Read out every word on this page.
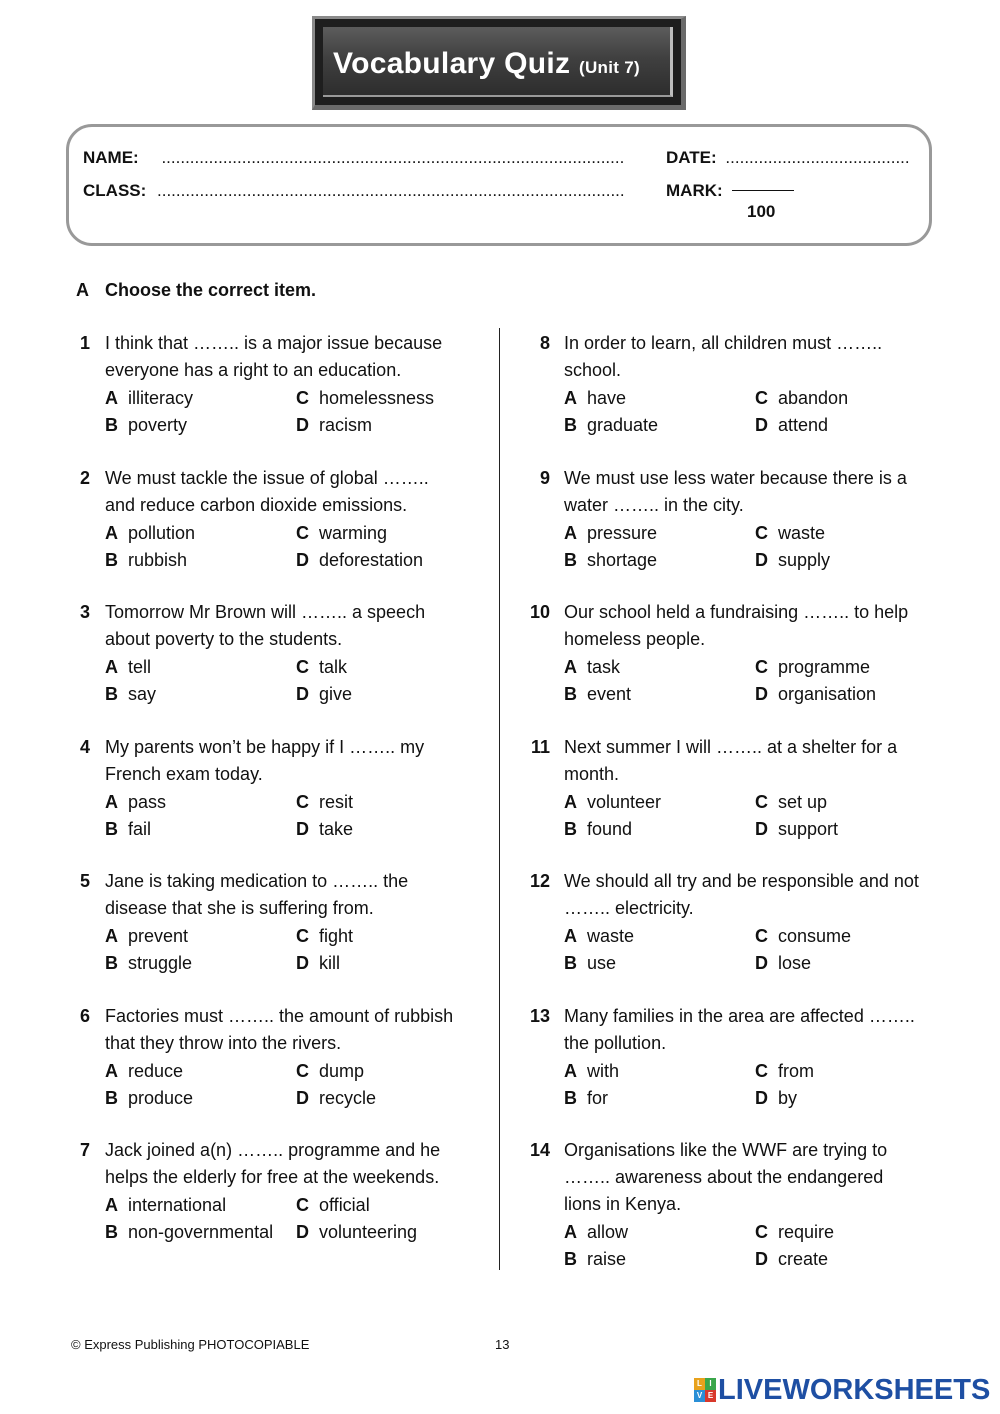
Vocabulary Quiz (Unit 7)
NAME: ..................................................................................................
CLASS: ...................................................................................................
DATE: .......................................
MARK:
100
A Choose the correct item.
1 I think that …….. is a major issue because everyone has a right to an education.
A illiteracy	C homelessness
B poverty	D racism
2 We must tackle the issue of global …….. and reduce carbon dioxide emissions.
A pollution	C warming
B rubbish	D deforestation
3 Tomorrow Mr Brown will …….. a speech about poverty to the students.
A tell	C talk
B say	D give
4 My parents won’t be happy if I …….. my French exam today.
A pass	C resit
B fail	D take
5 Jane is taking medication to …….. the disease that she is suffering from.
A prevent	C fight
B struggle	D kill
6 Factories must …….. the amount of rubbish that they throw into the rivers.
A reduce	C dump
B produce	D recycle
7 Jack joined a(n) …….. programme and he helps the elderly for free at the weekends.
A international	C official
B non-governmental D volunteering
8 In order to learn, all children must …….. school.
A have	C abandon
B graduate	D attend
9 We must use less water because there is a water …….. in the city.
A pressure	C waste
B shortage	D supply
10 Our school held a fundraising …….. to help homeless people.
A task	C programme
B event	D organisation
11 Next summer I will …….. at a shelter for a month.
A volunteer	C set up
B found	D support
12 We should all try and be responsible and not …….. electricity.
A waste	C consume
B use	D lose
13 Many families in the area are affected …….. the pollution.
A with	C from
B for	D by
14 Organisations like the WWF are trying to …….. awareness about the endangered lions in Kenya.
A allow	C require
B raise	D create
© Express Publishing PHOTOCOPIABLE	13
L I
V E LIVEWORKSHEETS
